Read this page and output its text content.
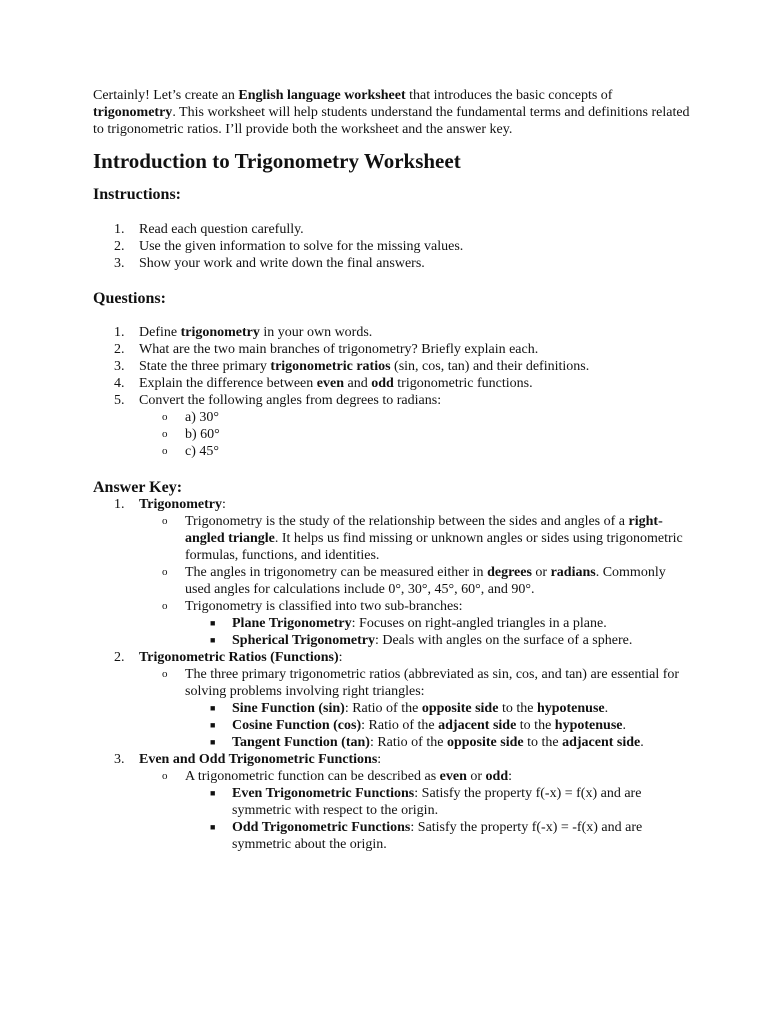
Certainly! Let’s create an English language worksheet that introduces the basic concepts of trigonometry. This worksheet will help students understand the fundamental terms and definitions related to trigonometric ratios. I’ll provide both the worksheet and the answer key.

Introduction to Trigonometry Worksheet
Instructions:
1.	Read each question carefully.
2.	Use the given information to solve for the missing values.
3.	Show your work and write down the final answers.
Questions:
1.	Define trigonometry in your own words.
2.	What are the two main branches of trigonometry? Briefly explain each.
3.	State the three primary trigonometric ratios (sin, cos, tan) and their definitions.
4.	Explain the difference between even and odd trigonometric functions.
5.	Convert the following angles from degrees to radians:
o	a) 30°
o	b) 60°
o	c) 45°
Answer Key:
1.	Trigonometry:
o	Trigonometry is the study of the relationship between the sides and angles of a right-angled triangle. It helps us find missing or unknown angles or sides using trigonometric formulas, functions, and identities.
o	The angles in trigonometry can be measured either in degrees or radians. Commonly used angles for calculations include 0°, 30°, 45°, 60°, and 90°.
o	Trigonometry is classified into two sub-branches:
■	Plane Trigonometry: Focuses on right-angled triangles in a plane.
■	Spherical Trigonometry: Deals with angles on the surface of a sphere.
2.	Trigonometric Ratios (Functions):
o	The three primary trigonometric ratios (abbreviated as sin, cos, and tan) are essential for solving problems involving right triangles:
■	Sine Function (sin): Ratio of the opposite side to the hypotenuse.
■	Cosine Function (cos): Ratio of the adjacent side to the hypotenuse.
■	Tangent Function (tan): Ratio of the opposite side to the adjacent side.
3.	Even and Odd Trigonometric Functions:
o	A trigonometric function can be described as even or odd:
■	Even Trigonometric Functions: Satisfy the property f(-x) = f(x) and are symmetric with respect to the origin.
■	Odd Trigonometric Functions: Satisfy the property f(-x) = -f(x) and are symmetric about the origin.
